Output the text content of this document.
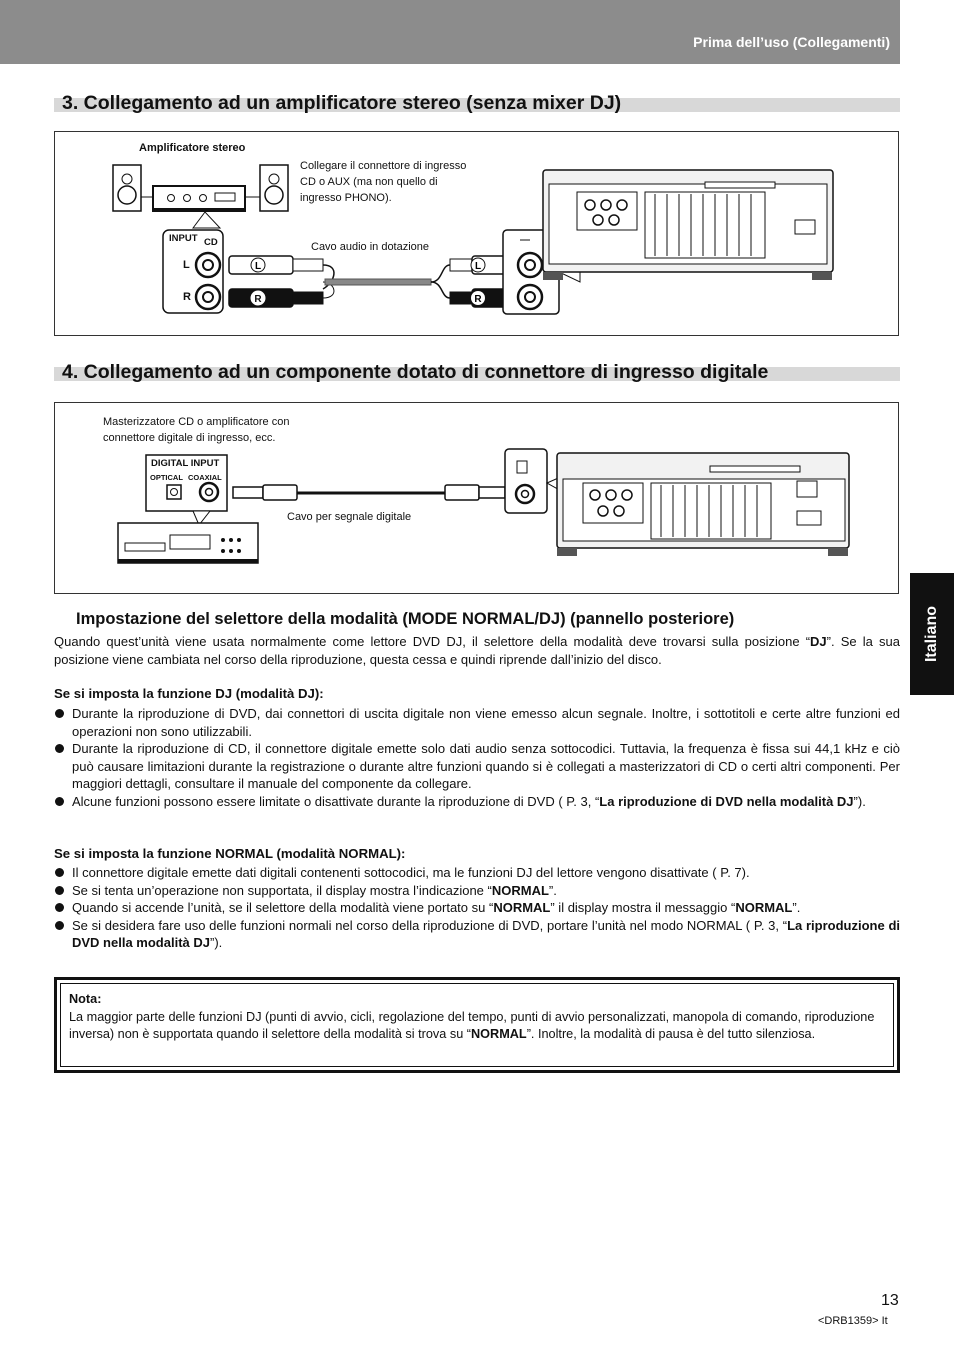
Prima dell’uso (Collegamenti)
3. Collegamento ad un amplificatore stereo (senza mixer DJ)
Amplificatore stereo
Collegare il connettore di ingresso
CD o AUX (ma non quello di
ingresso PHONO).
Cavo audio in dotazione
L
R
L
R
INPUT CD
L
R
4. Collegamento ad un componente dotato di connettore di ingresso digitale
Masterizzatore CD o amplificatore con
connettore digitale di ingresso, ecc.
Cavo per segnale digitale
DIGITAL INPUT
OPTICAL COAXIAL
Italiano
Impostazione del selettore della modalità (MODE NORMAL/DJ) (pannello posteriore)
Quando quest’unità viene usata normalmente come lettore DVD DJ, il selettore della modalità deve trovarsi sulla posizione “DJ”. Se la sua posizione viene cambiata nel corso della riproduzione, questa cessa e quindi riprende dall’inizio del disco.
Se si imposta la funzione DJ (modalità DJ):
Durante la riproduzione di DVD, dai connettori di uscita digitale non viene emesso alcun segnale. Inoltre, i sottotitoli e certe altre funzioni ed operazioni non sono utilizzabili.
Durante la riproduzione di CD, il connettore digitale emette solo dati audio senza sottocodici. Tuttavia, la frequenza è fissa sui 44,1 kHz e ciò può causare limitazioni durante la registrazione o durante altre funzioni quando si è collegati a masterizzatori di CD o certi altri componenti. Per maggiori dettagli, consultare il manuale del componente da collegare.
Alcune funzioni possono essere limitate o disattivate durante la riproduzione di DVD ( P. 3, “La riproduzione di DVD nella modalità DJ”).
Se si imposta la funzione NORMAL (modalità NORMAL):
Il connettore digitale emette dati digitali contenenti sottocodici, ma le funzioni DJ del lettore vengono disattivate ( P. 7).
Se si tenta un’operazione non supportata, il display mostra l’indicazione “NORMAL”.
Quando si accende l’unità, se il selettore della modalità viene portato su “NORMAL” il display mostra il messaggio “NORMAL”.
Se si desidera fare uso delle funzioni normali nel corso della riproduzione di DVD, portare l’unità nel modo NORMAL ( P. 3, “La riproduzione di DVD nella modalità DJ”).
Nota:
La maggior parte delle funzioni DJ (punti di avvio, cicli, regolazione del tempo, punti di avvio personalizzati, manopola di comando, riproduzione inversa) non è supportata quando il selettore della modalità si trova su “NORMAL”. Inoltre, la modalità di pausa è del tutto silenziosa.
13
<DRB1359> It
